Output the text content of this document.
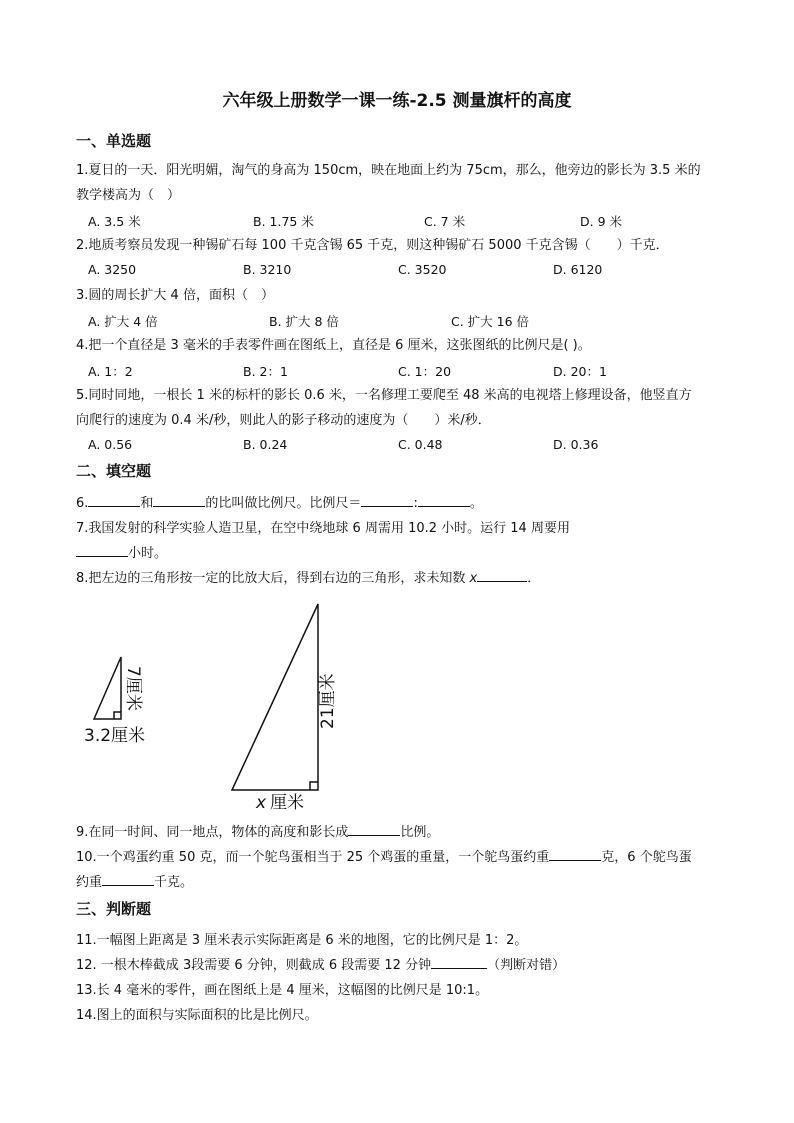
六年级上册数学一课一练-2.5 测量旗杆的高度
一、单选题
1.夏日的一天．阳光明媚，淘气的身高为 150cm，映在地面上约为 75cm，那么，他旁边的影长为 3.5 米的
教学楼高为（　）
A. 3.5 米	B. 1.75 米	C. 7 米	D. 9 米
2.地质考察员发现一种锡矿石每 100 千克含锡 65 千克，则这种锡矿石 5000 千克含锡（　　）千克．
A. 3250	B. 3210	C. 3520	D. 6120
3.圆的周长扩大 4 倍，面积（　）
A. 扩大 4 倍	B. 扩大 8 倍	C. 扩大 16 倍
4.把一个直径是 3 毫米的手表零件画在图纸上，直径是 6 厘米，这张图纸的比例尺是( )。
A. 1：2	B. 2：1	C. 1：20	D. 20：1
5.同时同地，一根长 1 米的标杆的影长 0.6 米，一名修理工要爬至 48 米高的电视塔上修理设备，他竖直方
向爬行的速度为 0.4 米/秒，则此人的影子移动的速度为（　　）米/秒．
A. 0.56	B. 0.24	C. 0.48	D. 0.36
二、填空题
6.	和	的比叫做比例尺。比例尺＝	:	。
7.我国发射的科学实验人造卫星，在空中绕地球 6 周需用 10.2 小时。运行 14 周要用
小时。
8.把左边的三角形按一定的比放大后，得到右边的三角形，求未知数 x	．
7厘米
3.2厘米
21厘米
x 厘米
9.在同一时间、同一地点，物体的高度和影长成	比例。
10.一个鸡蛋约重 50 克，而一个鸵鸟蛋相当于 25 个鸡蛋的重量，一个鸵鸟蛋约重	克，6 个鸵鸟蛋
约重	千克。
三、判断题
11.一幅图上距离是 3 厘米表示实际距离是 6 米的地图，它的比例尺是 1：2。
12. 一根木棒截成 3段需要 6 分钟，则截成 6 段需要 12 分钟	（判断对错）
13.长 4 毫米的零件，画在图纸上是 4 厘米，这幅图的比例尺是 10:1。
14.图上的面积与实际面积的比是比例尺。
